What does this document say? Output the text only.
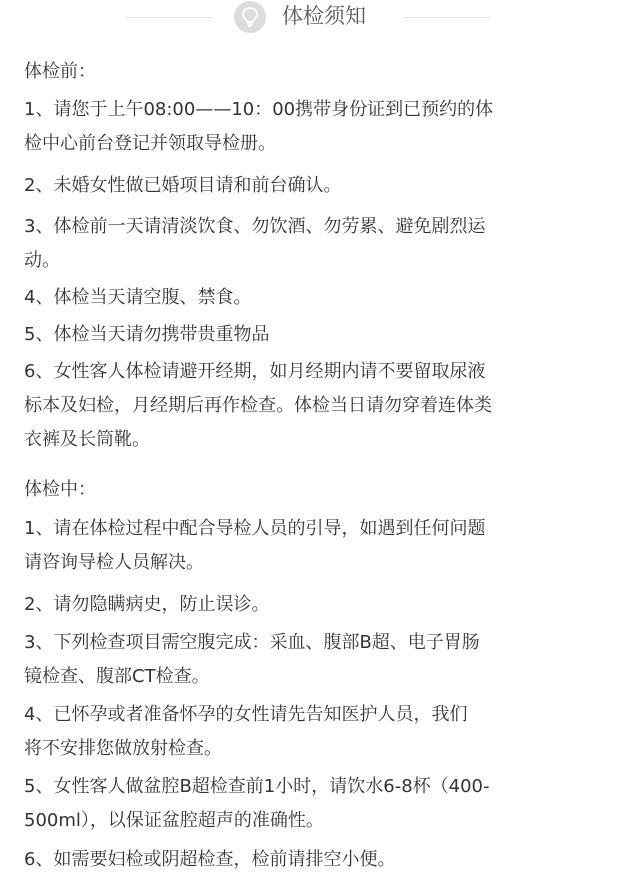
体检须知
体检前：
1、请您于上午08:00——10：00携带身份证到已预约的体
检中心前台登记并领取导检册。
2、未婚女性做已婚项目请和前台确认。
3、体检前一天请清淡饮食、勿饮酒、勿劳累、避免剧烈运
动。
4、体检当天请空腹、禁食。
5、体检当天请勿携带贵重物品
6、女性客人体检请避开经期，如月经期内请不要留取尿液
标本及妇检，月经期后再作检查。体检当日请勿穿着连体类
衣裤及长筒靴。
体检中：
1、请在体检过程中配合导检人员的引导，如遇到任何问题
请咨询导检人员解决。
2、请勿隐瞒病史，防止误诊。
3、下列检查项目需空腹完成：采血、腹部B超、电子胃肠
镜检查、腹部CT检查。
4、已怀孕或者准备怀孕的女性请先告知医护人员，我们
将不安排您做放射检查。
5、女性客人做盆腔B超检查前1小时，请饮水6-8杯（400-
500ml），以保证盆腔超声的准确性。
6、如需要妇检或阴超检查，检前请排空小便。
